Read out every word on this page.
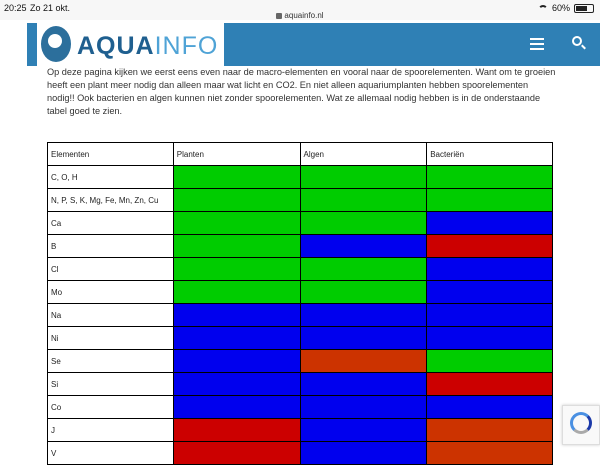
20:25 Zo 21 okt.
aquainfo.nl
60%
AQUAINFO

Op deze pagina kijken we eerst eens even naar de macro-elementen en vooral naar de spoorelementen. Want om te groeien heeft een plant meer nodig dan alleen maar wat licht en CO2. En niet alleen aquariumplanten hebben spoorelementen nodig!! Ook bacterien en algen kunnen niet zonder spoorelementen. Wat ze allemaal nodig hebben is in de onderstaande tabel goed te zien.

Elementen	Planten	Algen	Bacteriën
C, O, H			
N, P, S, K, Mg, Fe, Mn, Zn, Cu			
Ca			
B			
Cl			
Mo			
Na			
Ni			
Se			
Si			
Co			
J			
V			
